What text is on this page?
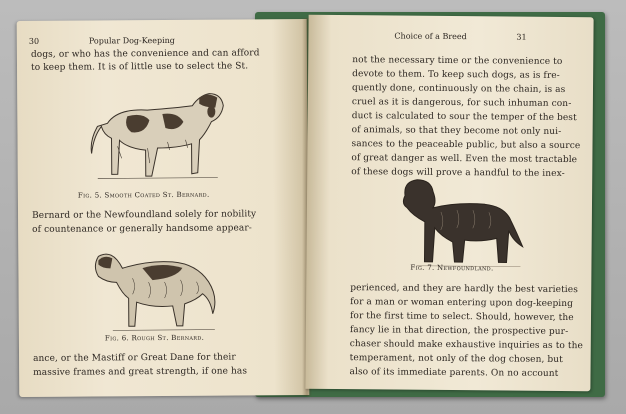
30	Popular Dog-Keeping
dogs, or who has the convenience and can afford
to keep them. It is of little use to select the St.
Fig. 5. Smooth Coated St. Bernard.
Bernard or the Newfoundland solely for nobility
of countenance or generally handsome appear-
Fig. 6. Rough St. Bernard.
ance, or the Mastiff or Great Dane for their
massive frames and great strength, if one has
Choice of a Breed	31
not the necessary time or the convenience to
devote to them. To keep such dogs, as is fre-
quently done, continuously on the chain, is as
cruel as it is dangerous, for such inhuman con-
duct is calculated to sour the temper of the best
of animals, so that they become not only nui-
sances to the peaceable public, but also a source
of great danger as well. Even the most tractable
of these dogs will prove a handful to the inex-
Fig. 7. Newfoundland.
perienced, and they are hardly the best varieties
for a man or woman entering upon dog-keeping
for the first time to select. Should, however, the
fancy lie in that direction, the prospective pur-
chaser should make exhaustive inquiries as to the
temperament, not only of the dog chosen, but
also of its immediate parents. On no account
